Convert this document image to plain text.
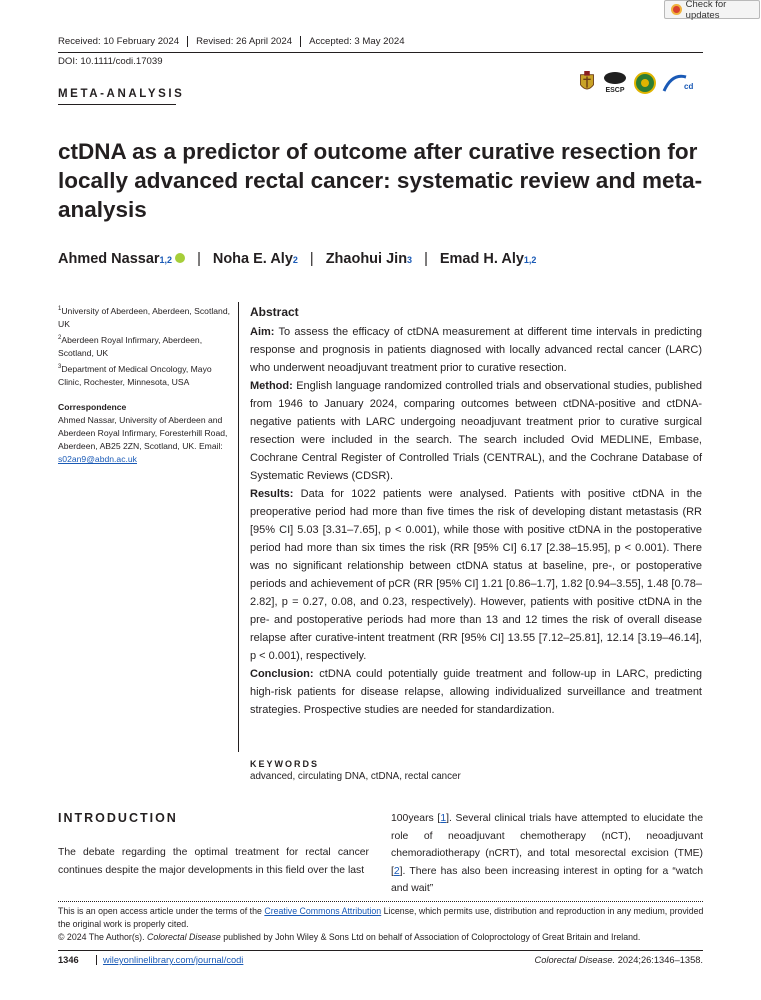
Received: 10 February 2024	Revised: 26 April 2024	Accepted: 3 May 2024
DOI: 10.1111/codi.17039
META-ANALYSIS
Check for updates
ESCP	cd
ctDNA as a predictor of outcome after curative resection for locally advanced rectal cancer: systematic review and meta-analysis
Ahmed Nassar 1,2	| Noha E. Aly 2 | Zhaohui Jin 3 | Emad H. Aly 1,2
$^1$University of Aberdeen, Aberdeen, Scotland, UK
$^2$Aberdeen Royal Infirmary, Aberdeen, Scotland, UK
$^3$Department of Medical Oncology, Mayo Clinic, Rochester, Minnesota, USA
Correspondence
Ahmed Nassar, University of Aberdeen and Aberdeen Royal Infirmary, Foresterhill Road, Aberdeen, AB25 2ZN, Scotland, UK. Email: s02an9@abdn.ac.uk
Abstract

Aim: To assess the efficacy of ctDNA measurement at different time intervals in predicting response and prognosis in patients diagnosed with locally advanced rectal cancer (LARC) who underwent neoadjuvant treatment prior to curative resection.

Method: English language randomized controlled trials and observational studies, published from 1946 to January 2024, comparing outcomes between ctDNA-positive and ctDNA-negative patients with LARC undergoing neoadjuvant treatment prior to curative surgical resection were included in the search. The search included Ovid MEDLINE, Embase, Cochrane Central Register of Controlled Trials (CENTRAL), and the Cochrane Database of Systematic Reviews (CDSR).

Results: Data for 1022 patients were analysed. Patients with positive ctDNA in the preoperative period had more than five times the risk of developing distant metastasis (RR [95% CI] 5.03 [3.31–7.65], p < 0.001), while those with positive ctDNA in the postoperative period had more than six times the risk (RR [95% CI] 6.17 [2.38–15.95], p < 0.001). There was no significant relationship between ctDNA status at baseline, pre-, or postoperative periods and achievement of pCR (RR [95% CI] 1.21 [0.86–1.7], 1.82 [0.94–3.55], 1.48 [0.78–2.82], p = 0.27, 0.08, and 0.23, respectively). However, patients with positive ctDNA in the pre- and postoperative periods had more than 13 and 12 times the risk of overall disease relapse after curative-intent treatment (RR [95% CI] 13.55 [7.12–25.81], 12.14 [3.19–46.14], p < 0.001), respectively.

Conclusion: ctDNA could potentially guide treatment and follow-up in LARC, predicting high-risk patients for disease relapse, allowing individualized surveillance and treatment strategies. Prospective studies are needed for standardization.

KEYWORDS
advanced, circulating DNA, ctDNA, rectal cancer
INTRODUCTION
The debate regarding the optimal treatment for rectal cancer continues despite the major developments in this field over the last
100years [1]. Several clinical trials have attempted to elucidate the role of neoadjuvant chemotherapy (nCT), neoadjuvant chemoradiotherapy (nCRT), and total mesorectal excision (TME) [2]. There has also been increasing interest in opting for a “watch and wait”
This is an open access article under the terms of the Creative Commons Attribution License, which permits use, distribution and reproduction in any medium, provided the original work is properly cited.
© 2024 The Author(s). Colorectal Disease published by John Wiley & Sons Ltd on behalf of Association of Coloproctology of Great Britain and Ireland.
1346	wileyonlinelibrary.com/journal/codi	Colorectal Disease. 2024;26:1346–1358.
